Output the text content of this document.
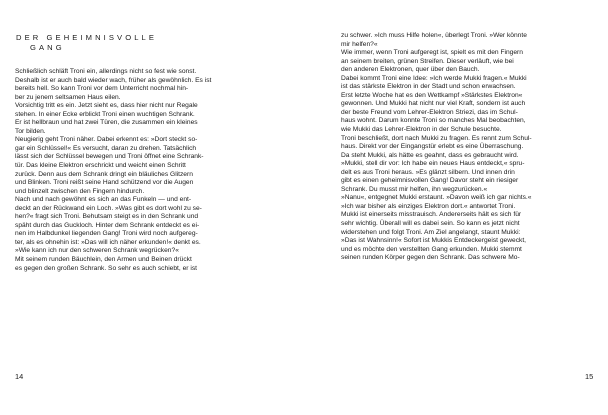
DER GEHEIMNISVOLLE
GANG
Schließlich schläft Troni ein, allerdings nicht so fest wie sonst.
Deshalb ist er auch bald wieder wach, früher als gewöhnlich. Es ist
bereits hell. So kann Troni vor dem Unterricht nochmal hin-
ber zu jenem seltsamen Haus eilen.
Vorsichtig tritt es ein. Jetzt sieht es, dass hier nicht nur Regale
stehen. In einer Ecke erblickt Troni einen wuchtigen Schrank.
Er ist hellbraun und hat zwei Türen, die zusammen ein kleines
Tor bilden.
Neugierig geht Troni näher. Dabei erkennt es: »Dort steckt so-
gar ein Schlüssel!« Es versucht, daran zu drehen. Tatsächlich
lässt sich der Schlüssel bewegen und Troni öffnet eine Schrank-
tür. Das kleine Elektron erschrickt und weicht einen Schritt
zurück. Denn aus dem Schrank dringt ein bläuliches Glitzern
und Blinken. Troni reißt seine Hand schützend vor die Augen
und blinzelt zwischen den Fingern hindurch.
Nach und nach gewöhnt es sich an das Funkeln — und ent-
deckt an der Rückwand ein Loch. »Was gibt es dort wohl zu se-
hen?« fragt sich Troni. Behutsam steigt es in den Schrank und
späht durch das Guckloch. Hinter dem Schrank entdeckt es ei-
nen im Halbdunkel liegenden Gang! Troni wird noch aufgereg-
ter, als es ohnehin ist: »Das will ich näher erkunden!« denkt es.
»Wie kann ich nur den schweren Schrank wegrücken?«
Mit seinem runden Bäuchlein, den Armen und Beinen drückt
es gegen den großen Schrank. So sehr es auch schiebt, er ist
14
zu schwer. »Ich muss Hilfe holen«, überlegt Troni. »Wer könnte
mir helfen?«
Wie immer, wenn Troni aufgeregt ist, spielt es mit den Fingern
an seinem breiten, grünen Streifen. Dieser verläuft, wie bei
den anderen Elektronen, quer über den Bauch.
Dabei kommt Troni eine Idee: »Ich werde Mukki fragen.« Mukki
ist das stärkste Elektron in der Stadt und schon erwachsen.
Erst letzte Woche hat es den Wettkampf »Stärkstes Elektron«
gewonnen. Und Mukki hat nicht nur viel Kraft, sondern ist auch
der beste Freund vom Lehrer-Elektron Striezi, das im Schul-
haus wohnt. Darum konnte Troni so manches Mal beobachten,
wie Mukki das Lehrer-Elektron in der Schule besuchte.
Troni beschließt, dort nach Mukki zu fragen. Es rennt zum Schul-
haus. Direkt vor der Eingangstür erlebt es eine Überraschung.
Da steht Mukki, als hätte es geahnt, dass es gebraucht wird.
»Mukki, stell dir vor: Ich habe ein neues Haus entdeckt,« spru-
delt es aus Troni heraus. »Es glänzt silbern. Und innen drin
gibt es einen geheimnisvollen Gang! Davor steht ein riesiger
Schrank. Du musst mir helfen, ihn wegzurücken.«
»Nanu«, entgegnet Mukki erstaunt. »Davon weiß ich gar nichts.«
»Ich war bisher als einziges Elektron dort.« antwortet Troni.
Mukki ist einerseits misstrauisch. Andererseits hält es sich für
sehr wichtig. Überall will es dabei sein. So kann es jetzt nicht
widerstehen und folgt Troni. Am Ziel angelangt, staunt Mukki:
»Das ist Wahnsinn!« Sofort ist Mukkis Entdeckergeist geweckt,
und es möchte den verstellten Gang erkunden. Mukki stemmt
seinen runden Körper gegen den Schrank. Das schwere Mo-
15
